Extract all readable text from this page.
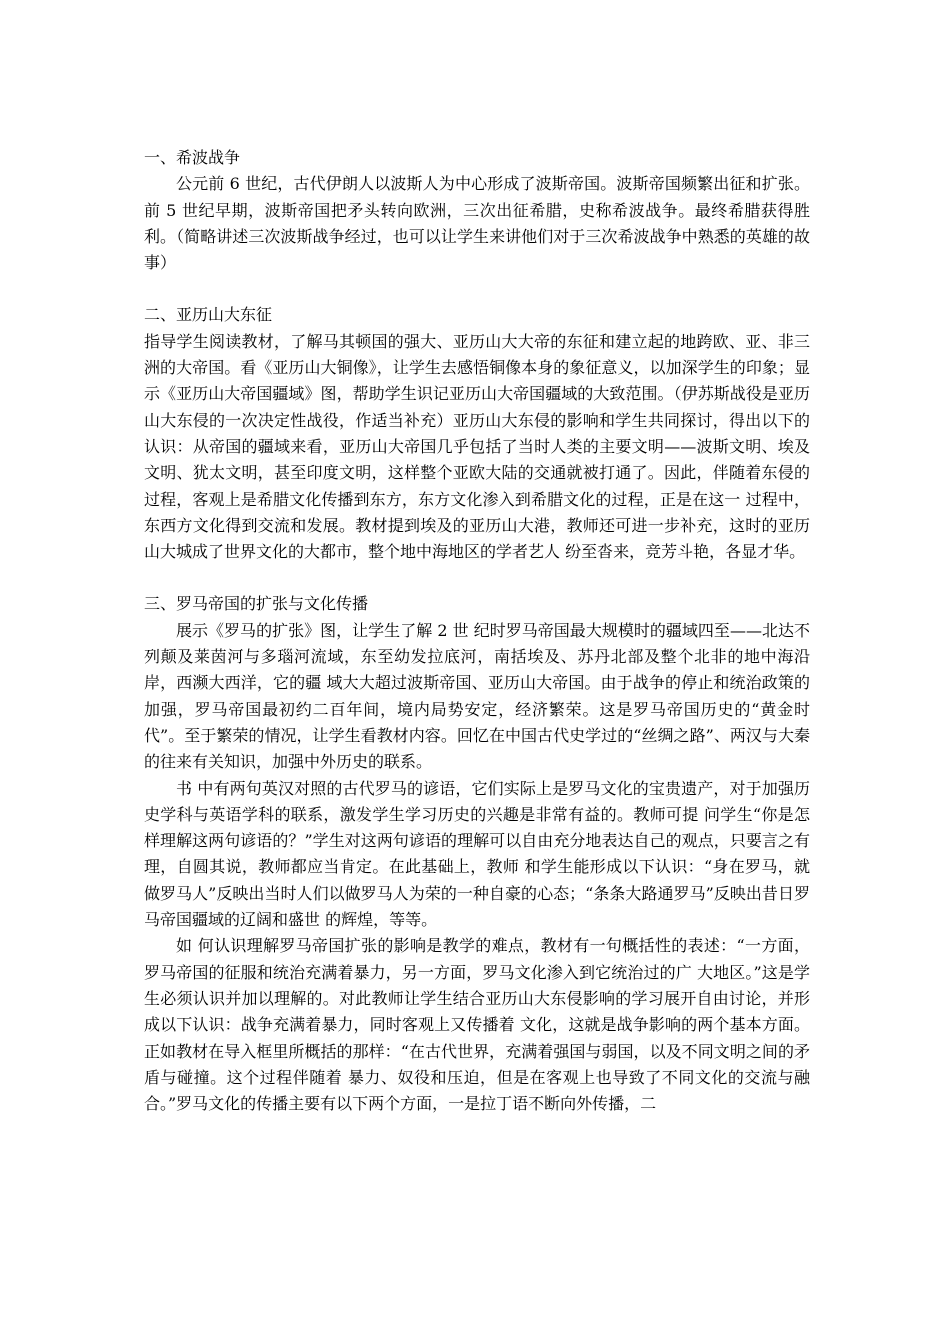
一、希波战争

公元前 6 世纪，古代伊朗人以波斯人为中心形成了波斯帝国。波斯帝国频繁出征和扩张。前 5 世纪早期，波斯帝国把矛头转向欧洲，三次出征希腊，史称希波战争。最终希腊获得胜利。（简略讲述三次波斯战争经过，也可以让学生来讲他们对于三次希波战争中熟悉的英雄的故事）

二、亚历山大东征

指导学生阅读教材，了解马其顿国的强大、亚历山大大帝的东征和建立起的地跨欧、亚、非三洲的大帝国。看《亚历山大铜像》，让学生去感悟铜像本身的象征意义，以加深学生的印象；显示《亚历山大帝国疆域》图，帮助学生识记亚历山大帝国疆域的大致范围。（伊苏斯战役是亚历山大东侵的一次决定性战役，作适当补充）亚历山大东侵的影响和学生共同探讨，得出以下的认识：从帝国的疆域来看，亚历山大帝国几乎包括了当时人类的主要文明——波斯文明、埃及文明、犹太文明，甚至印度文明，这样整个亚欧大陆的交通就被打通了。因此，伴随着东侵的过程，客观上是希腊文化传播到东方，东方文化渗入到希腊文化的过程，正是在这一 过程中，东西方文化得到交流和发展。教材提到埃及的亚历山大港，教师还可进一步补充，这时的亚历山大城成了世界文化的大都市，整个地中海地区的学者艺人 纷至沓来，竞芳斗艳，各显才华。

三、罗马帝国的扩张与文化传播

展示《罗马的扩张》图，让学生了解 2 世 纪时罗马帝国最大规模时的疆域四至——北达不列颠及莱茵河与多瑙河流域，东至幼发拉底河，南括埃及、苏丹北部及整个北非的地中海沿岸，西濒大西洋，它的疆 域大大超过波斯帝国、亚历山大帝国。由于战争的停止和统治政策的加强，罗马帝国最初约二百年间，境内局势安定，经济繁荣。这是罗马帝国历史的“黄金时 代”。至于繁荣的情况，让学生看教材内容。回忆在中国古代史学过的“丝绸之路”、两汉与大秦的往来有关知识，加强中外历史的联系。

书 中有两句英汉对照的古代罗马的谚语，它们实际上是罗马文化的宝贵遗产，对于加强历史学科与英语学科的联系，激发学生学习历史的兴趣是非常有益的。教师可提 问学生“你是怎样理解这两句谚语的？”学生对这两句谚语的理解可以自由充分地表达自己的观点，只要言之有理，自圆其说，教师都应当肯定。在此基础上，教师 和学生能形成以下认识：“身在罗马，就做罗马人”反映出当时人们以做罗马人为荣的一种自豪的心态；“条条大路通罗马”反映出昔日罗马帝国疆域的辽阔和盛世 的辉煌，等等。

如 何认识理解罗马帝国扩张的影响是教学的难点，教材有一句概括性的表述：“一方面，罗马帝国的征服和统治充满着暴力，另一方面，罗马文化渗入到它统治过的广 大地区。”这是学生必须认识并加以理解的。对此教师让学生结合亚历山大东侵影响的学习展开自由讨论，并形成以下认识：战争充满着暴力，同时客观上又传播着 文化，这就是战争影响的两个基本方面。正如教材在导入框里所概括的那样：“在古代世界，充满着强国与弱国，以及不同文明之间的矛盾与碰撞。这个过程伴随着 暴力、奴役和压迫，但是在客观上也导致了不同文化的交流与融合。”罗马文化的传播主要有以下两个方面，一是拉丁语不断向外传播，二
